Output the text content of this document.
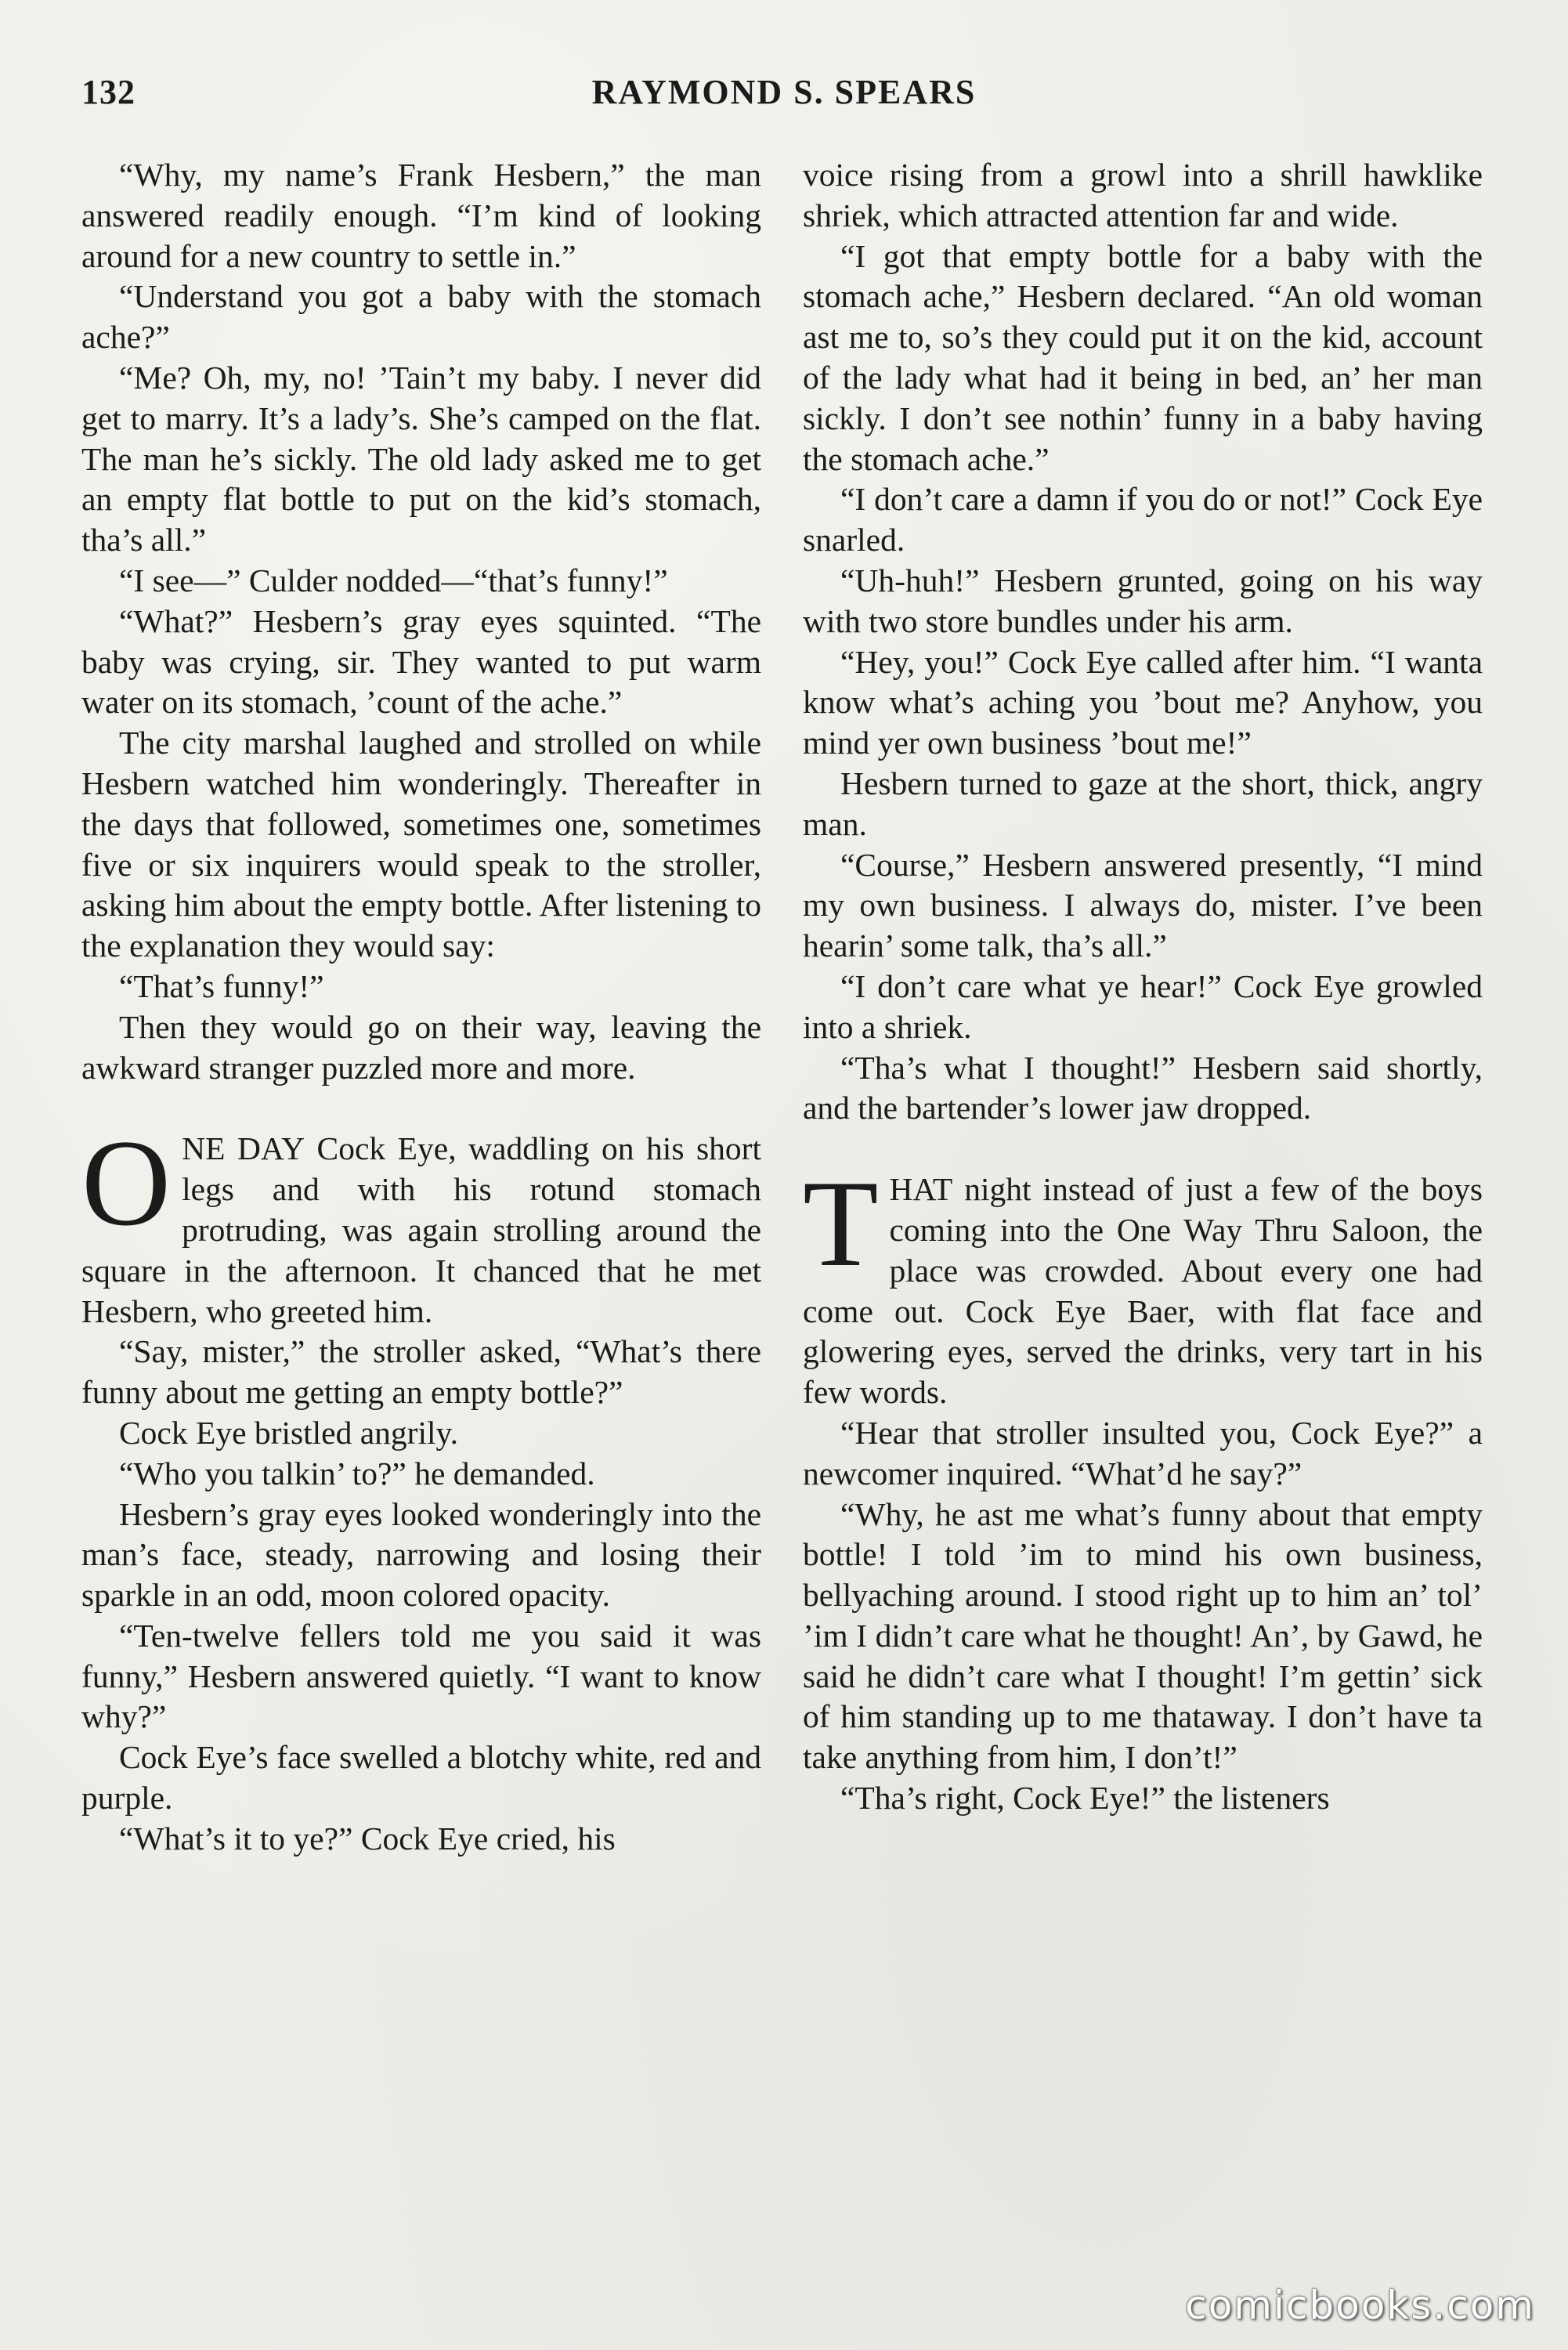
132	RAYMOND S. SPEARS

“Why, my name’s Frank Hesbern,” the man answered readily enough. “I’m kind of looking around for a new country to settle in.”

“Understand you got a baby with the stomach ache?”

“Me? Oh, my, no! ’Tain’t my baby. I never did get to marry. It’s a lady’s. She’s camped on the flat. The man he’s sickly. The old lady asked me to get an empty flat bottle to put on the kid’s stomach, tha’s all.”

“I see—” Culder nodded—“that’s funny!”

“What?” Hesbern’s gray eyes squinted. “The baby was crying, sir. They wanted to put warm water on its stomach, ’count of the ache.”

The city marshal laughed and strolled on while Hesbern watched him wonderingly. Thereafter in the days that followed, sometimes one, sometimes five or six inquirers would speak to the stroller, asking him about the empty bottle. After listening to the explanation they would say:

“That’s funny!”

Then they would go on their way, leaving the awkward stranger puzzled more and more.

ONE DAY Cock Eye, waddling on his short legs and with his rotund stomach protruding, was again strolling around the square in the afternoon. It chanced that he met Hesbern, who greeted him.

“Say, mister,” the stroller asked, “What’s there funny about me getting an empty bottle?”

Cock Eye bristled angrily.

“Who you talkin’ to?” he demanded.

Hesbern’s gray eyes looked wonderingly into the man’s face, steady, narrowing and losing their sparkle in an odd, moon colored opacity.

“Ten-twelve fellers told me you said it was funny,” Hesbern answered quietly. “I want to know why?”

Cock Eye’s face swelled a blotchy white, red and purple.

“What’s it to ye?” Cock Eye cried, his

voice rising from a growl into a shrill hawklike shriek, which attracted attention far and wide.

“I got that empty bottle for a baby with the stomach ache,” Hesbern declared. “An old woman ast me to, so’s they could put it on the kid, account of the lady what had it being in bed, an’ her man sickly. I don’t see nothin’ funny in a baby having the stomach ache.”

“I don’t care a damn if you do or not!” Cock Eye snarled.

“Uh-huh!” Hesbern grunted, going on his way with two store bundles under his arm.

“Hey, you!” Cock Eye called after him. “I wanta know what’s aching you ’bout me? Anyhow, you mind yer own business ’bout me!”

Hesbern turned to gaze at the short, thick, angry man.

“Course,” Hesbern answered presently, “I mind my own business. I always do, mister. I’ve been hearin’ some talk, tha’s all.”

“I don’t care what ye hear!” Cock Eye growled into a shriek.

“Tha’s what I thought!” Hesbern said shortly, and the bartender’s lower jaw dropped.

THAT night instead of just a few of the boys coming into the One Way Thru Saloon, the place was crowded. About every one had come out. Cock Eye Baer, with flat face and glowering eyes, served the drinks, very tart in his few words.

“Hear that stroller insulted you, Cock Eye?” a newcomer inquired. “What’d he say?”

“Why, he ast me what’s funny about that empty bottle! I told ’im to mind his own business, bellyaching around. I stood right up to him an’ tol’ ’im I didn’t care what he thought! An’, by Gawd, he said he didn’t care what I thought! I’m gettin’ sick of him standing up to me thataway. I don’t have ta take anything from him, I don’t!”

“Tha’s right, Cock Eye!” the listeners

comicbooks.com
